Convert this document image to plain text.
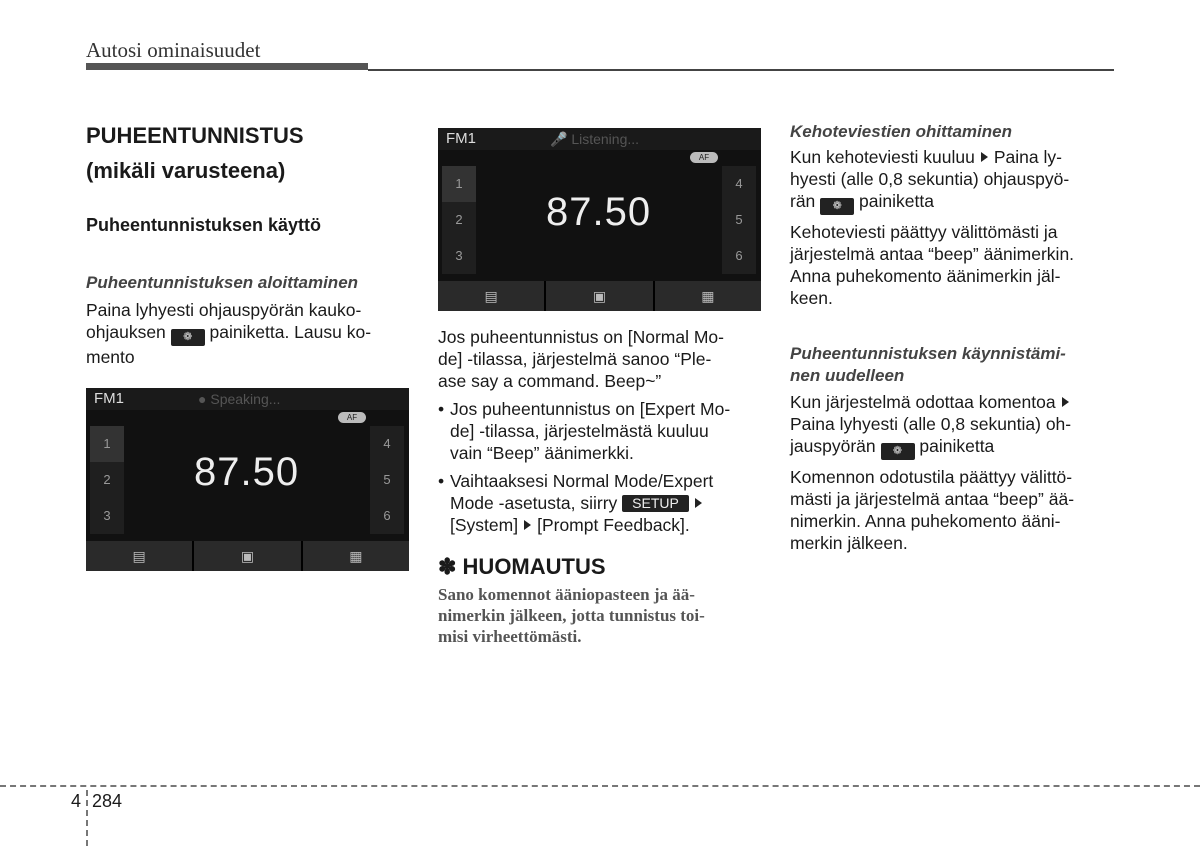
Autosi ominaisuudet
PUHEENTUNNISTUS
(mikäli varusteena)
Puheentunnistuksen käyttö
Puheentunnistuksen aloittaminen

Paina lyhyesti ohjauspyörän kauko-
ohjauksen ❁ painiketta. Lausu ko-
mento

FM1	● Speaking...
AF
1
2
3
87.50
4
5
6
▤	▣	▦
FM1	🎤 Listening...
AF
1
2
3
87.50
4
5
6
▤	▣	▦

Jos puheentunnistus on [Normal Mo-
de] -tilassa, järjestelmä sanoo “Ple-
ase say a command. Beep~”

• Jos puheentunnistus on [Expert Mo-
de] -tilassa, järjestelmästä kuuluu
vain “Beep” äänimerkki.
• Vaihtaaksesi Normal Mode/Expert
Mode -asetusta, siirry SETUP
[System] [Prompt Feedback].
✽ HUOMAUTUS
Sano komennot ääniopasteen ja ää-
nimerkin jälkeen, jotta tunnistus toi-
misi virheettömästi.
Kehoteviestien ohittaminen

Kun kehoteviesti kuuluu Paina ly-
hyesti (alle 0,8 sekuntia) ohjauspyö-
rän ❁ painiketta

Kehoteviesti päättyy välittömästi ja
järjestelmä antaa “beep” äänimerkin.
Anna puhekomento äänimerkin jäl-
keen.

Puheentunnistuksen käynnistämi-
nen uudelleen

Kun järjestelmä odottaa komentoa
Paina lyhyesti (alle 0,8 sekuntia) oh-
jauspyörän ❁ painiketta

Komennon odotustila päättyy välittö-
mästi ja järjestelmä antaa “beep” ää-
nimerkin. Anna puhekomento ääni-
merkin jälkeen.

4 284
